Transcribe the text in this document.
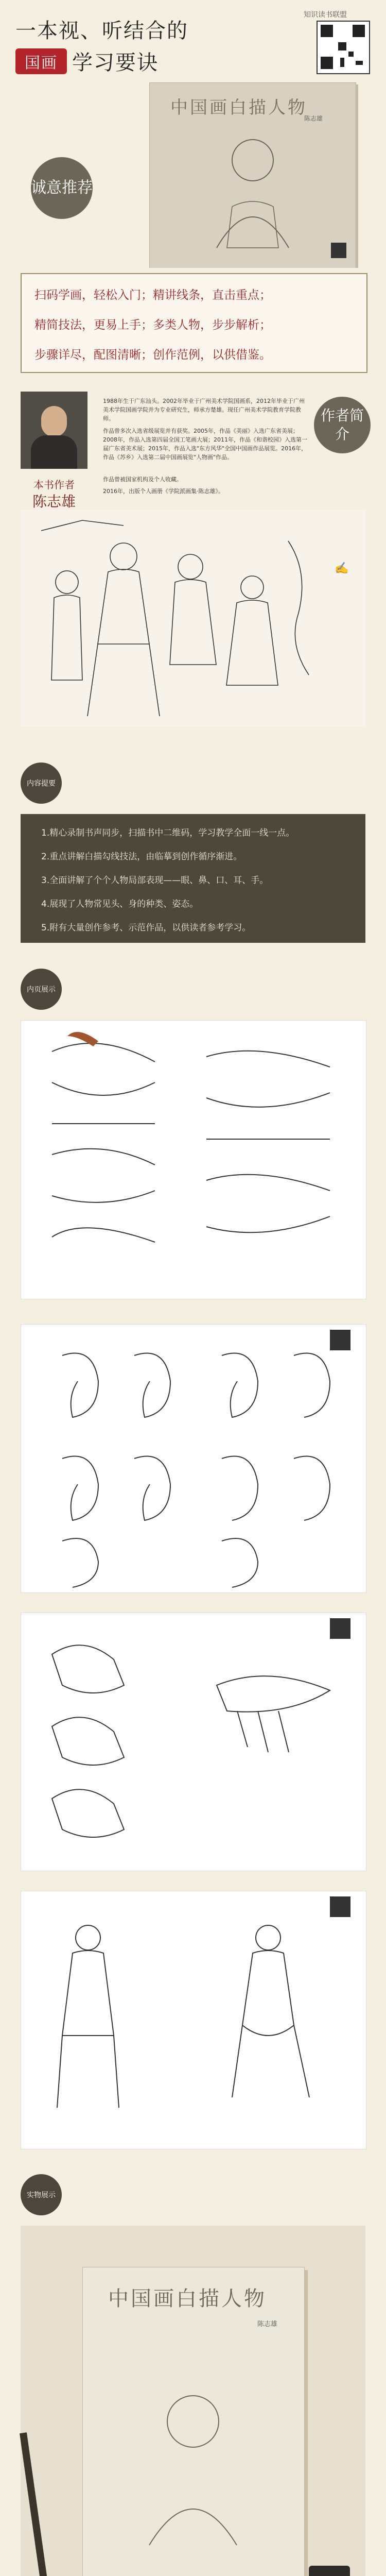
一本视、听结合的
国画 学习要诀
知识读书联盟
诚意推荐
中国画白描人物
陈志雄
扫码学画，轻松入门；精讲线条，直击重点；
精简技法，更易上手；多类人物，步步解析；
步骤详尽，配图清晰；创作范例，以供借鉴。
作者简介
本书作者
陈志雄
1988年生于广东汕头。2002年毕业于广州美术学院国画系，2012年毕业于广州美术学院国画学院并为专业研究生，师承方楚雄。现任广州美术学院教育学院教师。
作品曾多次入选省级展览并有获奖。2005年，作品《美丽》入选广东省美展；2008年，作品入选第四届全国工笔画大展；2011年，作品《和谐校园》入选第一届广东省美术展；2015年，作品入选"东方风华"全国中国画作品展览。2016年，作品《苏乡》入选第二届中国画展览"人物画"作品。
作品曾被国家机构及个人收藏。
2016年，出版个人画册《学院派画集·陈志雄》。
✍
内容提要
1.精心录制书声同步，扫描书中二维码，学习教学全面一线一点。
2.重点讲解白描勾线技法，由临摹到创作循序渐进。
3.全面讲解了个个人物局部表现——眼、鼻、口、耳、手。
4.展现了人物常见头、身的种类、姿态。
5.附有大量创作参考、示范作品，以供读者参考学习。
内页展示
实物展示
中国画白描人物
陈志雄
